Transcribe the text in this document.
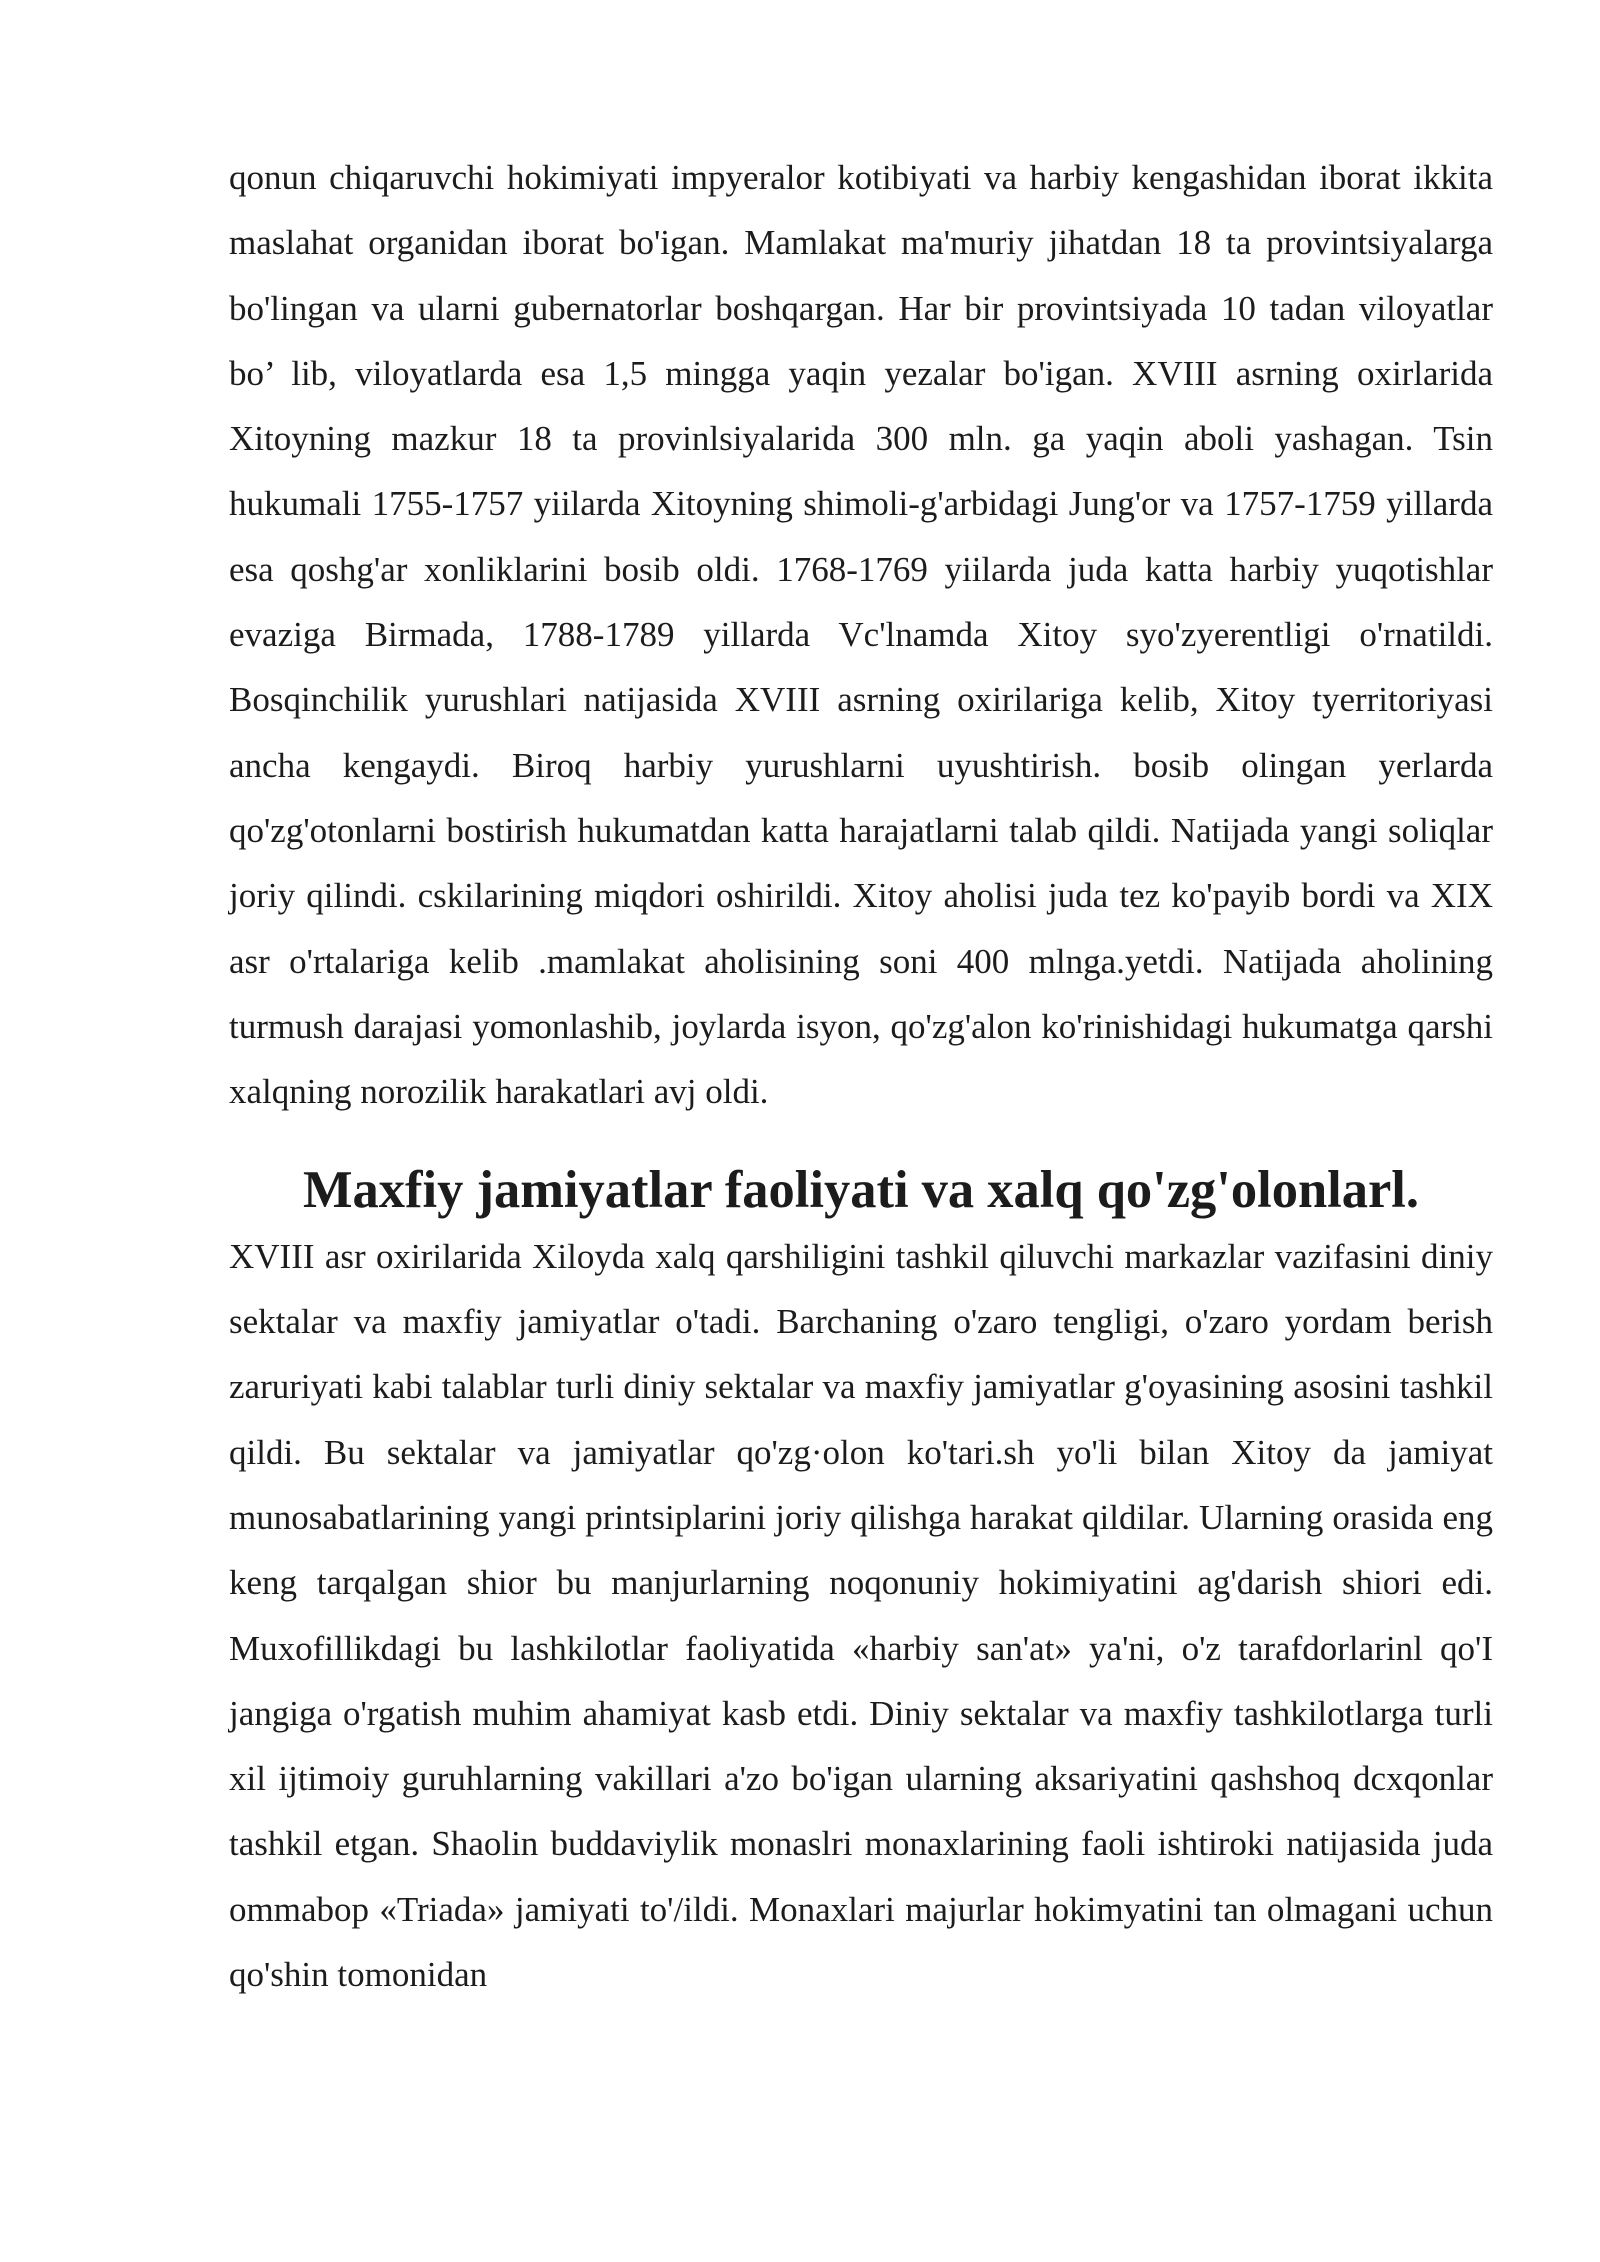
qonun chiqaruvchi hokimiyati impyeralor kotibiyati va harbiy kengashidan iborat ikkita maslahat organidan iborat bo'igan. Mamlakat ma'muriy jihatdan 18 ta provintsiyalarga bo'lingan va ularni gubernatorlar boshqargan. Har bir provintsiyada 10 tadan viloyatlar bo’ lib, viloyatlarda esa 1,5 mingga yaqin yezalar bo'igan. XVIII asrning oxirlarida Xitoyning mazkur 18 ta provinlsiyalarida 300 mln. ga yaqin aboli yashagan. Tsin hukumali 1755-1757 yiilarda Xitoyning shimoli-g'arbidagi Jung'or va 1757-1759 yillarda esa qoshg'ar xonliklarini bosib oldi. 1768-1769 yiilarda juda katta harbiy yuqotishlar evaziga Birmada, 1788-1789 yillarda Vc'lnamda Xitoy syo'zyerentligi o'rnatildi. Bosqinchilik yurushlari natijasida XVIII asrning oxirilariga kelib, Xitoy tyerritoriyasi ancha kengaydi. Biroq harbiy yurushlarni uyushtirish. bosib olingan yerlarda qo'zg'otonlarni bostirish hukumatdan katta harajatlarni talab qildi. Natijada yangi soliqlar joriy qilindi. cskilarining miqdori oshirildi. Xitoy aholisi juda tez ko'payib bordi va XIX asr o'rtalariga kelib .mamlakat aholisining soni 400 mlnga.yetdi. Natijada aholining turmush darajasi yomonlashib, joylarda isyon, qo'zg'alon ko'rinishidagi hukumatga qarshi xalqning norozilik harakatlari avj oldi.

Maxfiy jamiyatlar faoliyati va xalq qo'zg'olonlarl.

XVIII asr oxirilarida Xiloyda xalq qarshiligini tashkil qiluvchi markazlar vazifasini diniy sektalar va maxfiy jamiyatlar o'tadi. Barchaning o'zaro tengligi, o'zaro yordam berish zaruriyati kabi talablar turli diniy sektalar va maxfiy jamiyatlar g'oyasining asosini tashkil qildi. Bu sektalar va jamiyatlar qo'zg·olon ko'tari.sh yo'li bilan Xitoy da jamiyat munosabatlarining yangi printsiplarini joriy qilishga harakat qildilar. Ularning orasida eng keng tarqalgan shior bu manjurlarning noqonuniy hokimiyatini ag'darish shiori edi. Muxofillikdagi bu lashkilotlar faoliyatida «harbiy san'at» ya'ni, o'z tarafdorlarinl qo'I jangiga o'rgatish muhim ahamiyat kasb etdi. Diniy sektalar va maxfiy tashkilotlarga turli xil ijtimoiy guruhlarning vakillari a'zo bo'igan ularning aksariyatini qashshoq dcxqonlar tashkil etgan. Shaolin buddaviylik monaslri monaxlarining faoli ishtiroki natijasida juda ommabop «Triada» jamiyati to'/ildi. Monaxlari majurlar hokimyatini tan olmagani uchun qo'shin tomonidan
